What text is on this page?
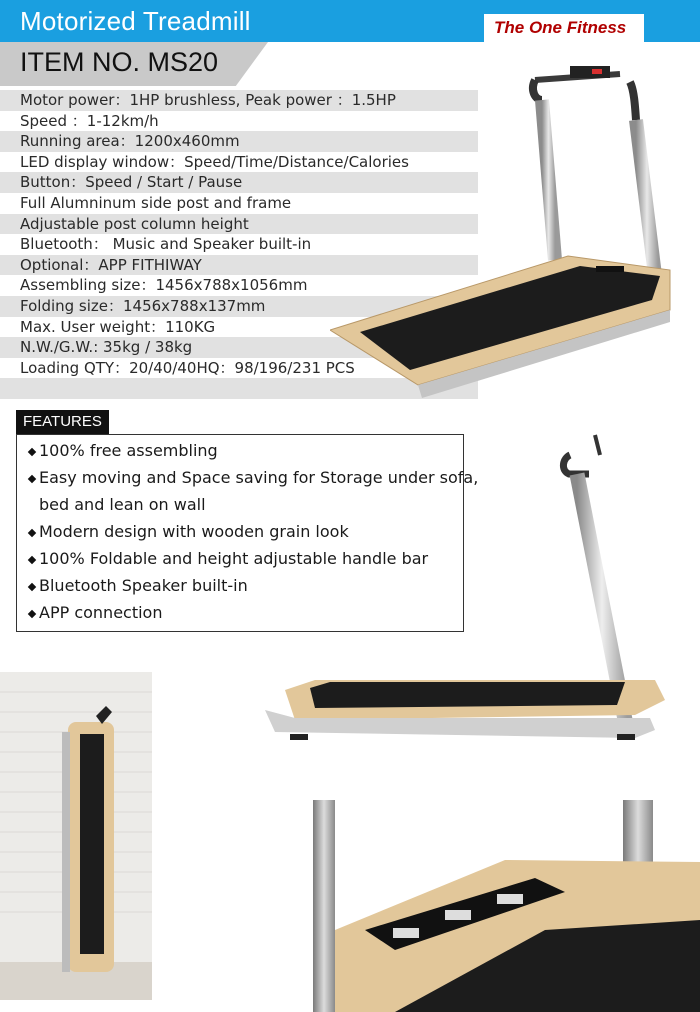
Motorized Treadmill	The One Fitness
ITEM NO. MS20
Motor power：1HP brushless, Peak power ：1.5HP
Speed ：1-12km/h
Running area：1200x460mm
LED display window：Speed/Time/Distance/Calories
Button：Speed / Start / Pause
Full Alumninum side post and frame
Adjustable post column height
Bluetooth： Music and Speaker built-in
Optional：APP FITHIWAY
Assembling size：1456x788x1056mm
Folding size：1456x788x137mm
Max. User weight：110KG
N.W./G.W.: 35kg / 38kg
Loading QTY：20/40/40HQ：98/196/231 PCS
FEATURES
100% free assembling
Easy moving and Space saving for Storage under sofa,
bed and lean on wall
Modern design with wooden grain look
100% Foldable and height adjustable handle bar
Bluetooth Speaker built-in
APP connection
